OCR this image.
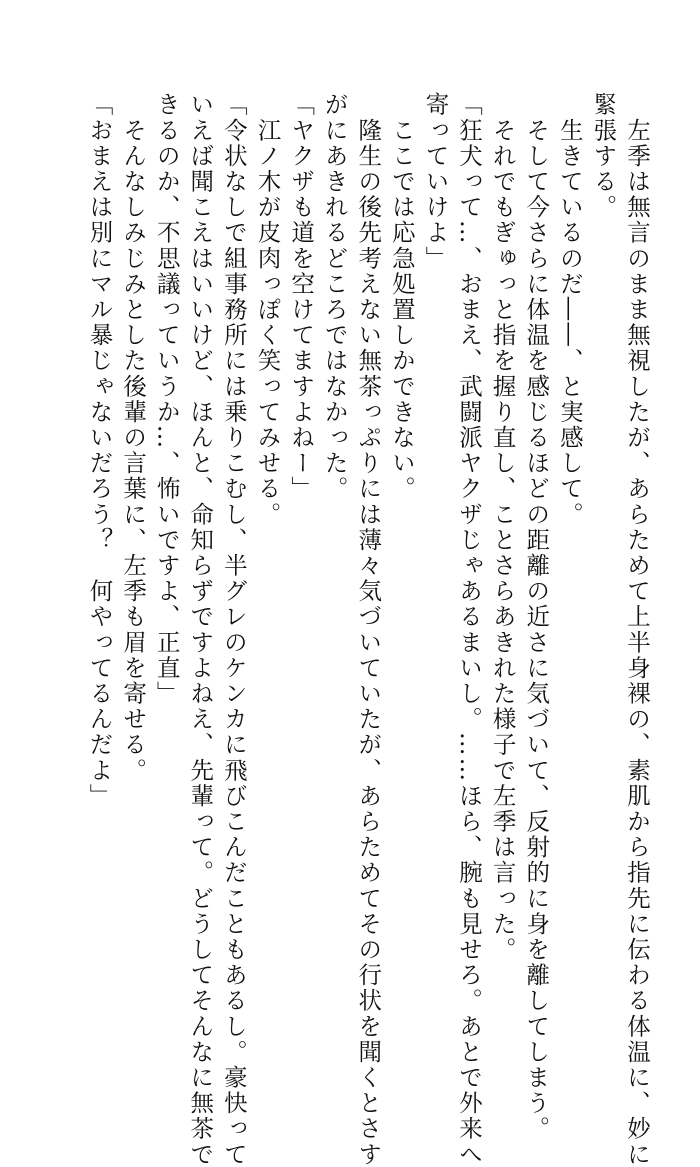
　左季は無言のまま無視したが、あらためて上半身裸の、素肌から指先に伝わる体温に、妙に
緊張する。
　生きているのだ――、と実感して。
　そして今さらに体温を感じるほどの距離の近さに気づいて、反射的に身を離してしまう。
　それでもぎゅっと指を握り直し、ことさらあきれた様子で左季は言った。
「狂犬って…、おまえ、武闘派ヤクザじゃあるまいし。……ほら、腕も見せろ。あとで外来へ
寄っていけよ」
　ここでは応急処置しかできない。
　隆生の後先考えない無茶っぷりには薄々気づいていたが、あらためてその行状を聞くとさす
がにあきれるどころではなかった。
「ヤクザも道を空けてますよねー」
　江ノ木が皮肉っぽく笑ってみせる。
「令状なしで組事務所には乗りこむし、半グレのケンカに飛びこんだこともあるし。豪快って
いえば聞こえはいいけど、ほんと、命知らずですよねえ、先輩って。どうしてそんなに無茶で
きるのか、不思議っていうか…、怖いですよ、正直」
　そんなしみじみとした後輩の言葉に、左季も眉を寄せる。
「おまえは別にマル暴じゃないだろう？　何やってるんだよ」
